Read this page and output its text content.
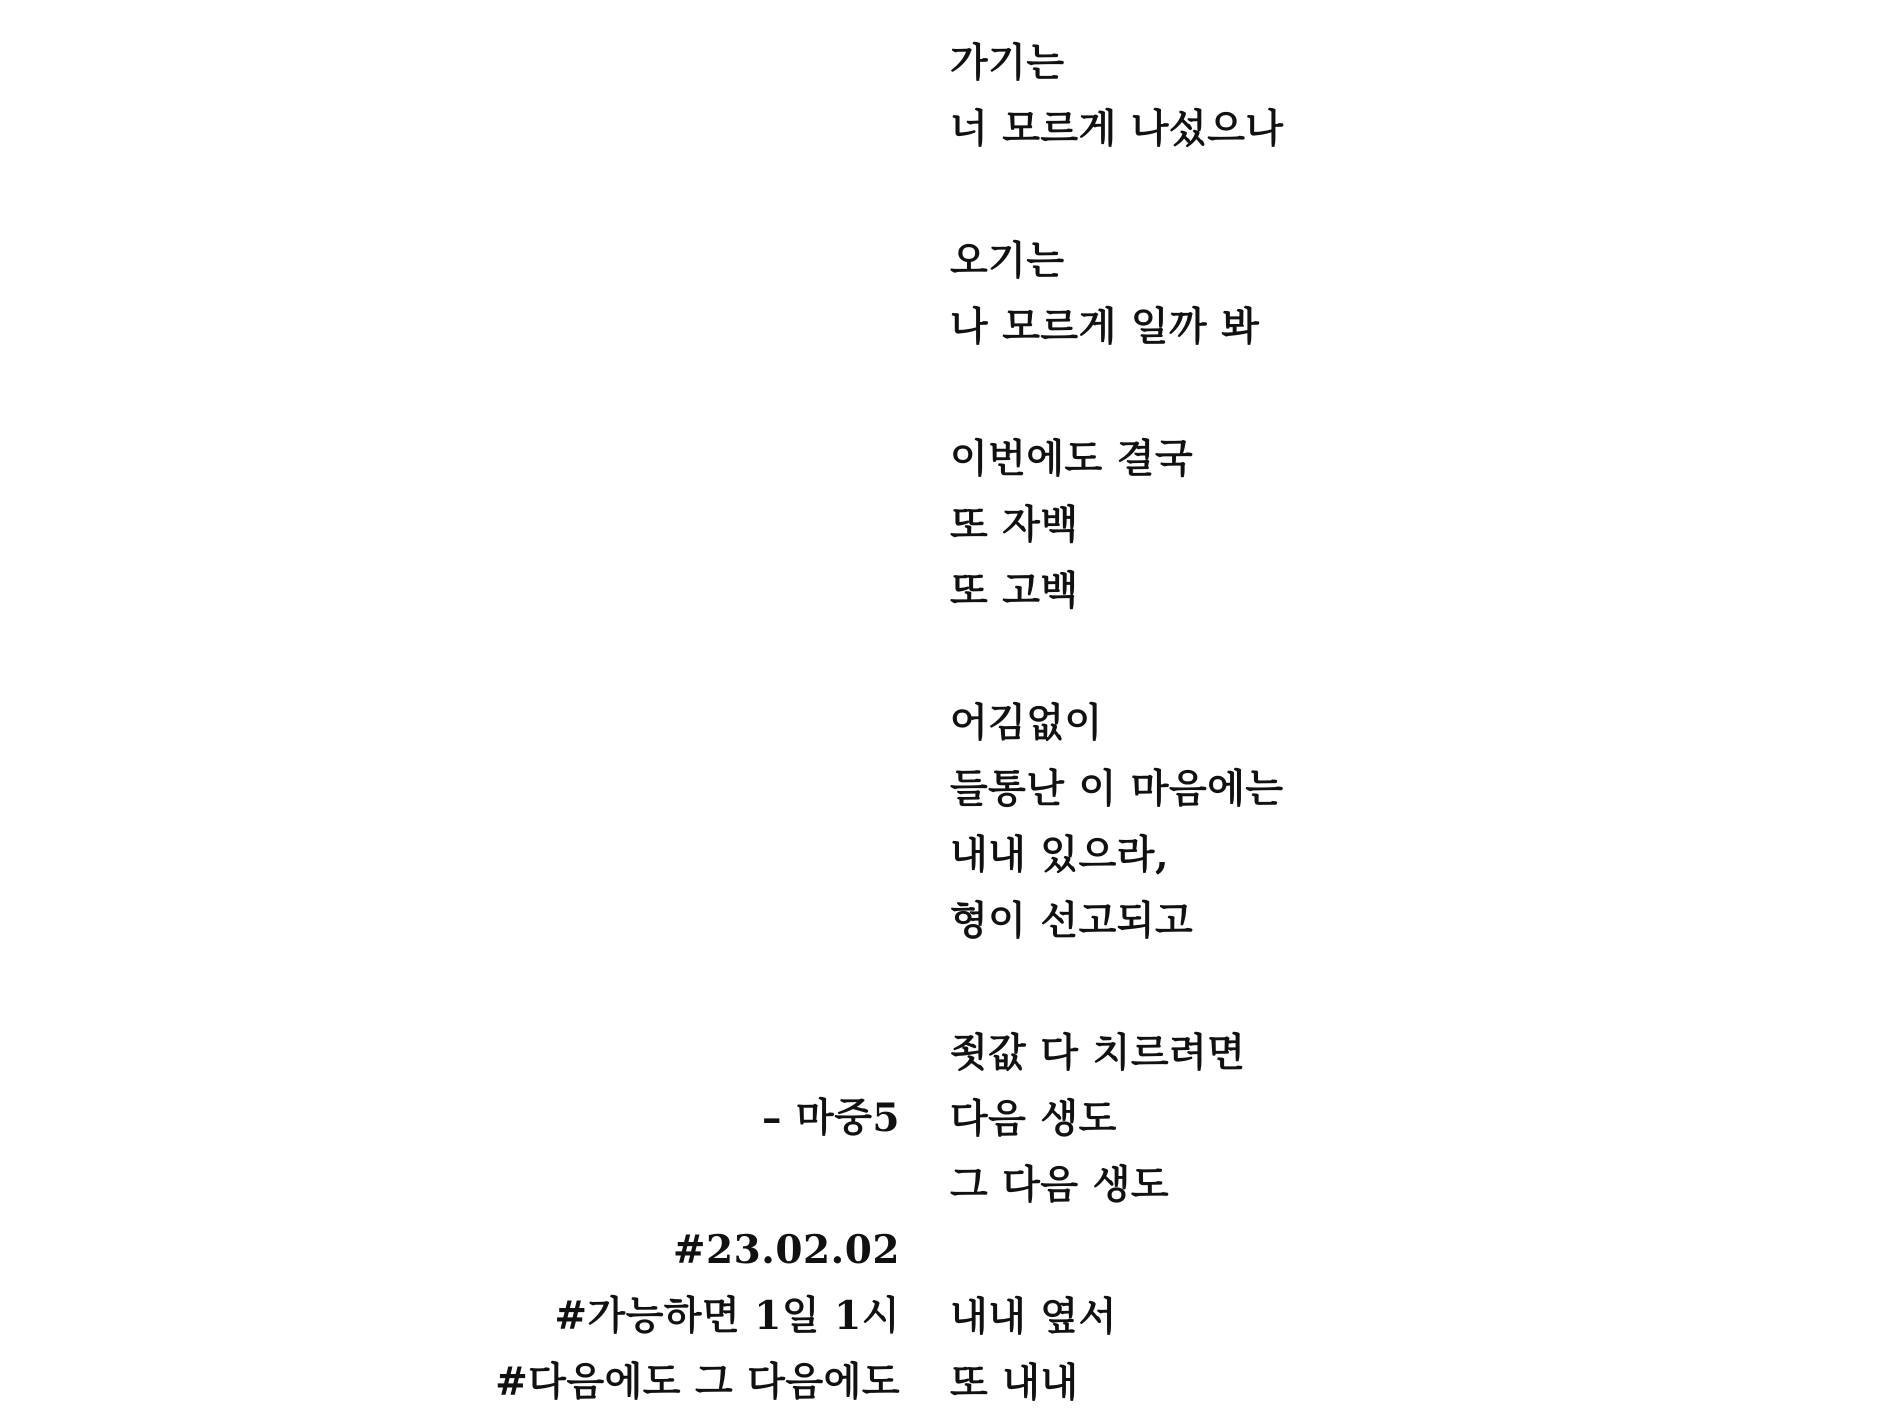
가기는
너 모르게 나섰으나
오기는
나 모르게 일까 봐
이번에도 결국
또 자백
또 고백
어김없이
들통난 이 마음에는
내내 있으라,
형이 선고되고
죗값 다 치르려면
다음 생도
그 다음 생도
내내 옆서
또 내내
– 마중5
#23.02.02
#가능하면 1일 1시
#다음에도 그 다음에도
